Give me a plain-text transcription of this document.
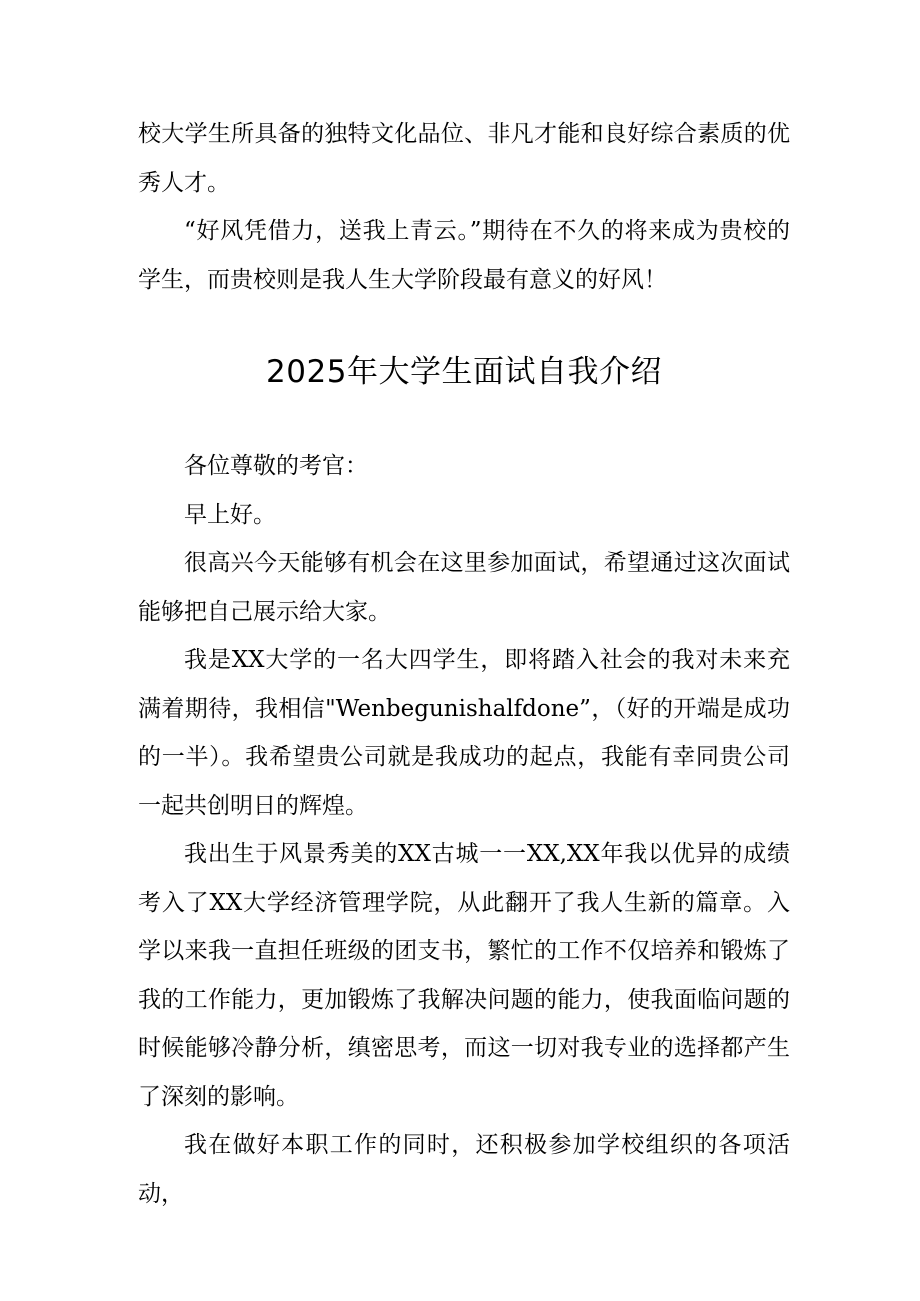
校大学生所具备的独特文化品位、非凡才能和良好综合素质的优秀人才。

“好风凭借力，送我上青云。”期待在不久的将来成为贵校的学生，而贵校则是我人生大学阶段最有意义的好风！

2025年大学生面试自我介绍

各位尊敬的考官：

早上好。

很高兴今天能够有机会在这里参加面试，希望通过这次面试能够把自己展示给大家。

我是XX大学的一名大四学生，即将踏入社会的我对未来充满着期待，我相信"Wenbegunishalfdone”，（好的开端是成功的一半）。我希望贵公司就是我成功的起点，我能有幸同贵公司一起共创明日的辉煌。

我出生于风景秀美的XX古城一一XX,XX年我以优异的成绩考入了XX大学经济管理学院，从此翻开了我人生新的篇章。入学以来我一直担任班级的团支书，繁忙的工作不仅培养和锻炼了我的工作能力，更加锻炼了我解决问题的能力，使我面临问题的时候能够冷静分析，缜密思考，而这一切对我专业的选择都产生了深刻的影响。

我在做好本职工作的同时，还积极参加学校组织的各项活动，
